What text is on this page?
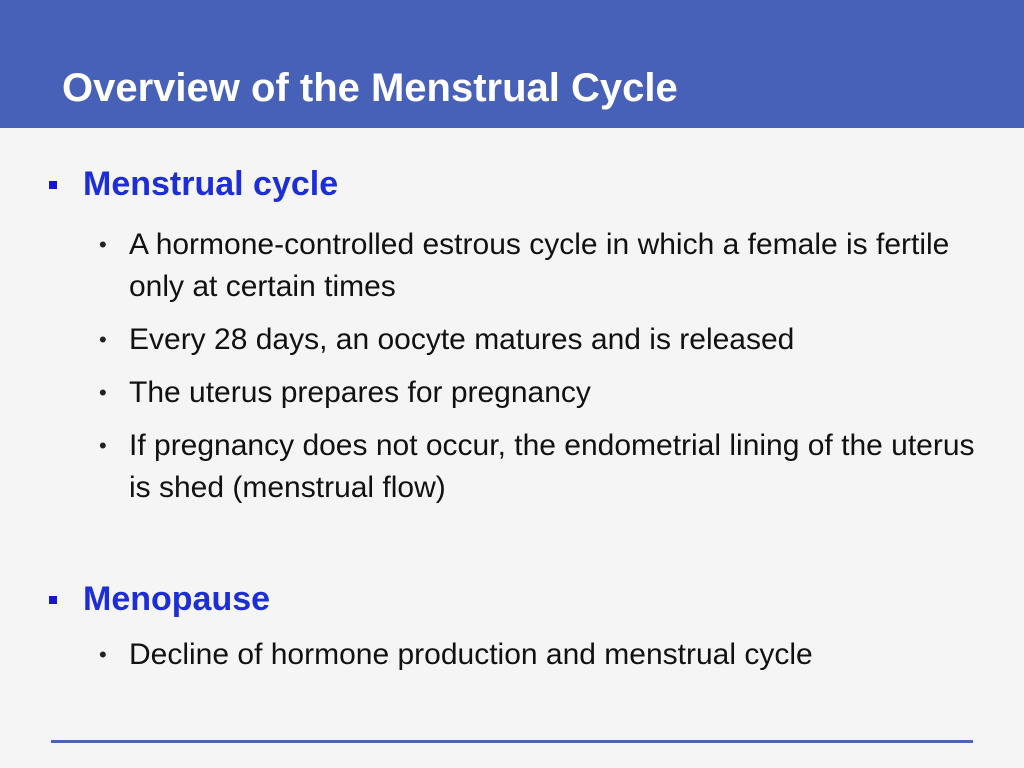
Overview of the Menstrual Cycle
Menstrual cycle
• A hormone-controlled estrous cycle in which a female is fertile only at certain times
• Every 28 days, an oocyte matures and is released
• The uterus prepares for pregnancy
• If pregnancy does not occur, the endometrial lining of the uterus is shed (menstrual flow)
Menopause
• Decline of hormone production and menstrual cycle
